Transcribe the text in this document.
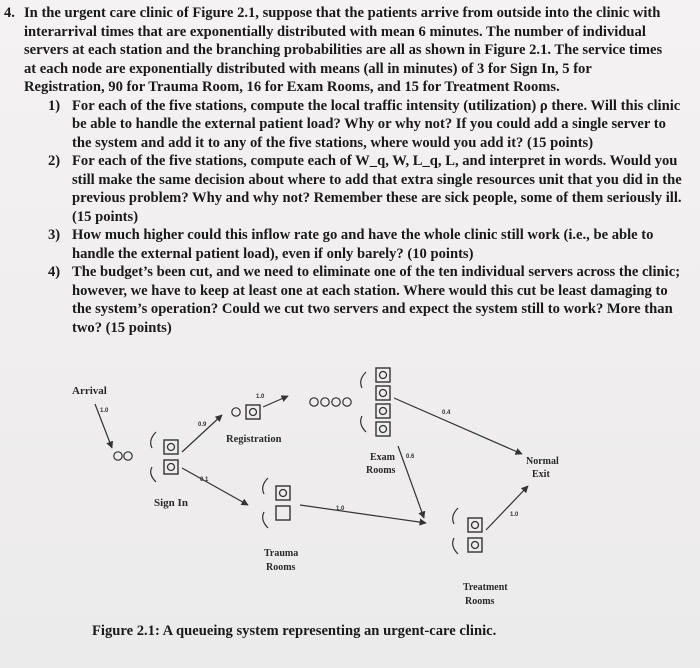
4. In the urgent care clinic of Figure 2.1, suppose that the patients arrive from outside into the clinic with interarrival times that are exponentially distributed with mean 6 minutes. The number of individual servers at each station and the branching probabilities are all as shown in Figure 2.1. The service times at each node are exponentially distributed with means (all in minutes) of 3 for Sign In, 5 for Registration, 90 for Trauma Room, 16 for Exam Rooms, and 15 for Treatment Rooms.
1) For each of the five stations, compute the local traffic intensity (utilization) ρ there. Will this clinic be able to handle the external patient load? Why or why not? If you could add a single server to the system and add it to any of the five stations, where would you add it? (15 points)
2) For each of the five stations, compute each of W_q, W, L_q, L, and interpret in words. Would you still make the same decision about where to add that extra single resources unit that you did in the previous problem? Why and why not? Remember these are sick people, some of them seriously ill. (15 points)
3) How much higher could this inflow rate go and have the whole clinic still work (i.e., be able to handle the external patient load), even if only barely? (10 points)
4) The budget’s been cut, and we need to eliminate one of the ten individual servers across the clinic; however, we have to keep at least one at each station. Where would this cut be least damaging to the system’s operation? Could we cut two servers and expect the system still to work? More than two? (15 points)
Arrival
1.0
Sign In
0.9
0.1
Registration
1.0
Exam
Rooms
0.4
0.6
Trauma
Rooms
1.0
Treatment
Rooms
1.0
Normal
Exit
Figure 2.1: A queueing system representing an urgent-care clinic.
